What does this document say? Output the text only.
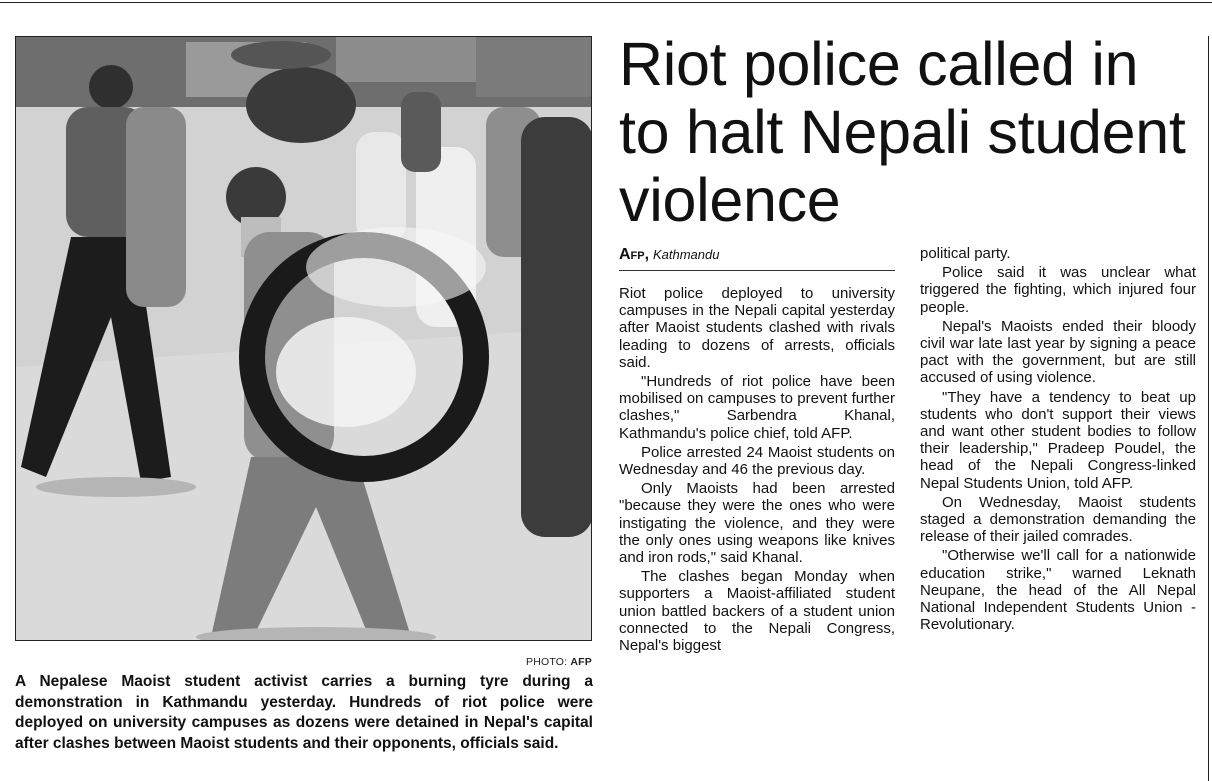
PHOTO: AFP
A Nepalese Maoist student activist carries a burning tyre during a demonstration in Kathmandu yesterday. Hundreds of riot police were deployed on university campuses as dozens were detained in Nepal's capital after clashes between Maoist students and their opponents, officials said.
Riot police called in to halt Nepali student violence
Afp, Kathmandu

Riot police deployed to university campuses in the Nepali capital yesterday after Maoist students clashed with rivals leading to dozens of arrests, officials said.

"Hundreds of riot police have been mobilised on campuses to prevent further clashes," Sarbendra Khanal, Kathmandu's police chief, told AFP.

Police arrested 24 Maoist students on Wednesday and 46 the previous day.

Only Maoists had been arrested "because they were the ones who were instigating the violence, and they were the only ones using weapons like knives and iron rods," said Khanal.

The clashes began Monday when supporters a Maoist-affiliated student union battled backers of a student union connected to the Nepali Congress, Nepal's biggest

political party.

Police said it was unclear what triggered the fighting, which injured four people.

Nepal's Maoists ended their bloody civil war late last year by signing a peace pact with the government, but are still accused of using violence.

"They have a tendency to beat up students who don't support their views and want other student bodies to follow their leadership," Pradeep Poudel, the head of the Nepali Congress-linked Nepal Students Union, told AFP.

On Wednesday, Maoist students staged a demonstration demanding the release of their jailed comrades.

"Otherwise we'll call for a nationwide education strike," warned Leknath Neupane, the head of the All Nepal National Independent Students Union - Revolutionary.
